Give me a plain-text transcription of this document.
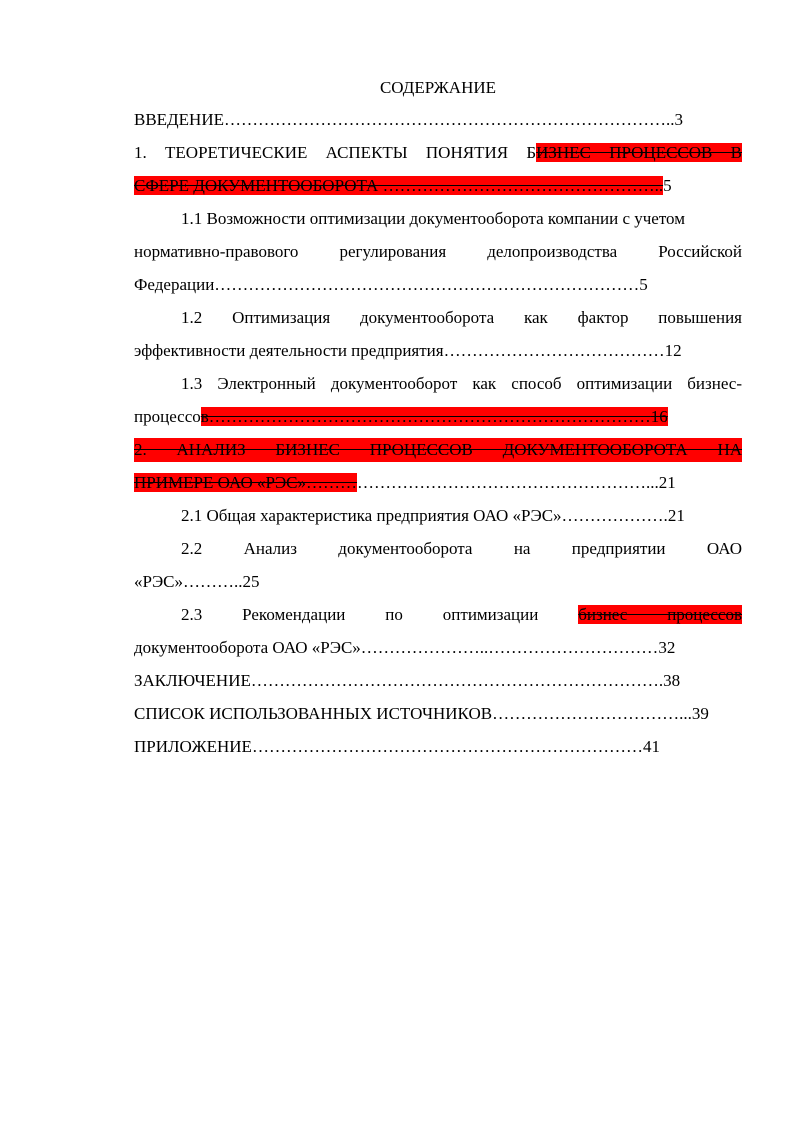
СОДЕРЖАНИЕ
ВВЕДЕНИЕ……………………………………………………………………..3
1. ТЕОРЕТИЧЕСКИЕ АСПЕКТЫ ПОНЯТИЯ БИЗНЕС ПРОЦЕССОВ В
СФЕРЕ ДОКУМЕНТООБОРОТА …………………………………………..5
1.1 Возможности оптимизации документооборота компании с учетом
нормативно-правового регулирования делопроизводства Российской
Федерации…………………………………………………………………5
1.2 Оптимизация документооборота как фактор повышения
эффективности деятельности предприятия…………………………………12
1.3 Электронный документооборот как способ оптимизации бизнес-
процессов……………………………………………………………………16
2. АНАЛИЗ БИЗНЕС ПРОЦЕССОВ ДОКУМЕНТООБОРОТА НА
ПРИМЕРЕ ОАО «РЭС»……………………………………………………...21
2.1 Общая характеристика предприятия ОАО «РЭС»……………….21
2.2 Анализ документооборота на предприятии ОАО
«РЭС»………..25
2.3 Рекомендации по оптимизации бизнес процессов
документооборота ОАО «РЭС»…………………..…………………………32
ЗАКЛЮЧЕНИЕ……………………………………………………………….38
СПИСОК ИСПОЛЬЗОВАННЫХ ИСТОЧНИКОВ……………………………...39
ПРИЛОЖЕНИЕ……………………………………………………………41
